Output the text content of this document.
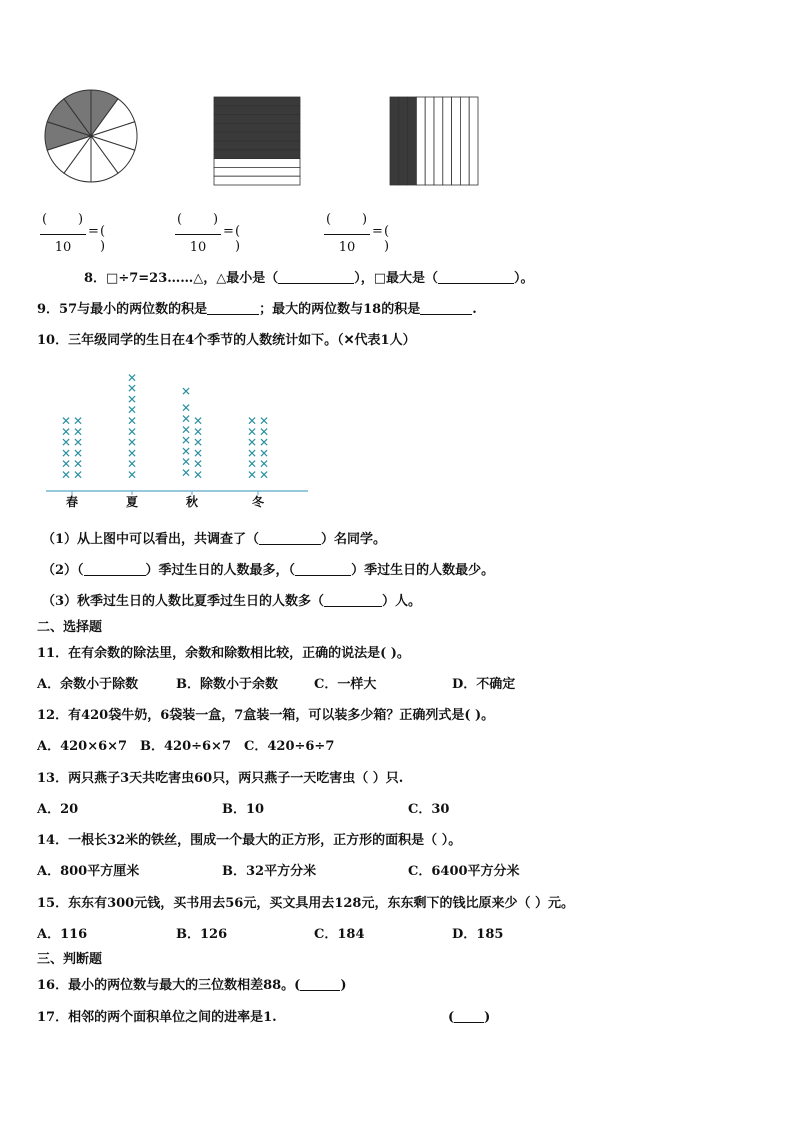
( )
10
= ( )
( )
10
= ( )
( )
10
= ( )
8．□÷7=23……△，△最小是（	），□最大是（	）。
9．57与最小的两位数的积是	；最大的两位数与18的积是	.
10．三年级同学的生日在4个季节的人数统计如下。（✕代表1人）
✕ ✕
✕ ✕
✕ ✕
✕ ✕
✕ ✕
✕ ✕
春
✕
✕
✕
✕
✕
✕
✕
✕
✕
✕
夏
✕
✕
✕
✕
✕
✕
✕
✕
✕
✕
✕
✕
✕
✕
秋
✕ ✕
✕ ✕
✕ ✕
✕ ✕
✕ ✕
✕ ✕
冬
（1）从上图中可以看出，共调查了（	）名同学。
（2）（	）季过生日的人数最多，（	）季过生日的人数最少。
（3）秋季过生日的人数比夏季过生日的人数多（	）人。
二、选择题
11．在有余数的除法里，余数和除数相比较，正确的说法是( )。
A．余数小于除数	B．除数小于余数	C．一样大	D．不确定
12．有420袋牛奶，6袋装一盒，7盒装一箱，可以装多少箱？正确列式是( )。
A．420×6×7 B．420÷6×7 C．420÷6÷7
13．两只燕子3天共吃害虫60只，两只燕子一天吃害虫（ ）只.
A．20	B．10	C．30
14．一根长32米的铁丝，围成一个最大的正方形，正方形的面积是（ ）。
A．800平方厘米	B．32平方分米	C．6400平方分米
15．东东有300元钱，买书用去56元，买文具用去128元，东东剩下的钱比原来少（ ）元。
A．116	B．126	C．184	D．185
三、判断题
16．最小的两位数与最大的三位数相差88。(	)
17．相邻的两个面积单位之间的进率是1.	( )
